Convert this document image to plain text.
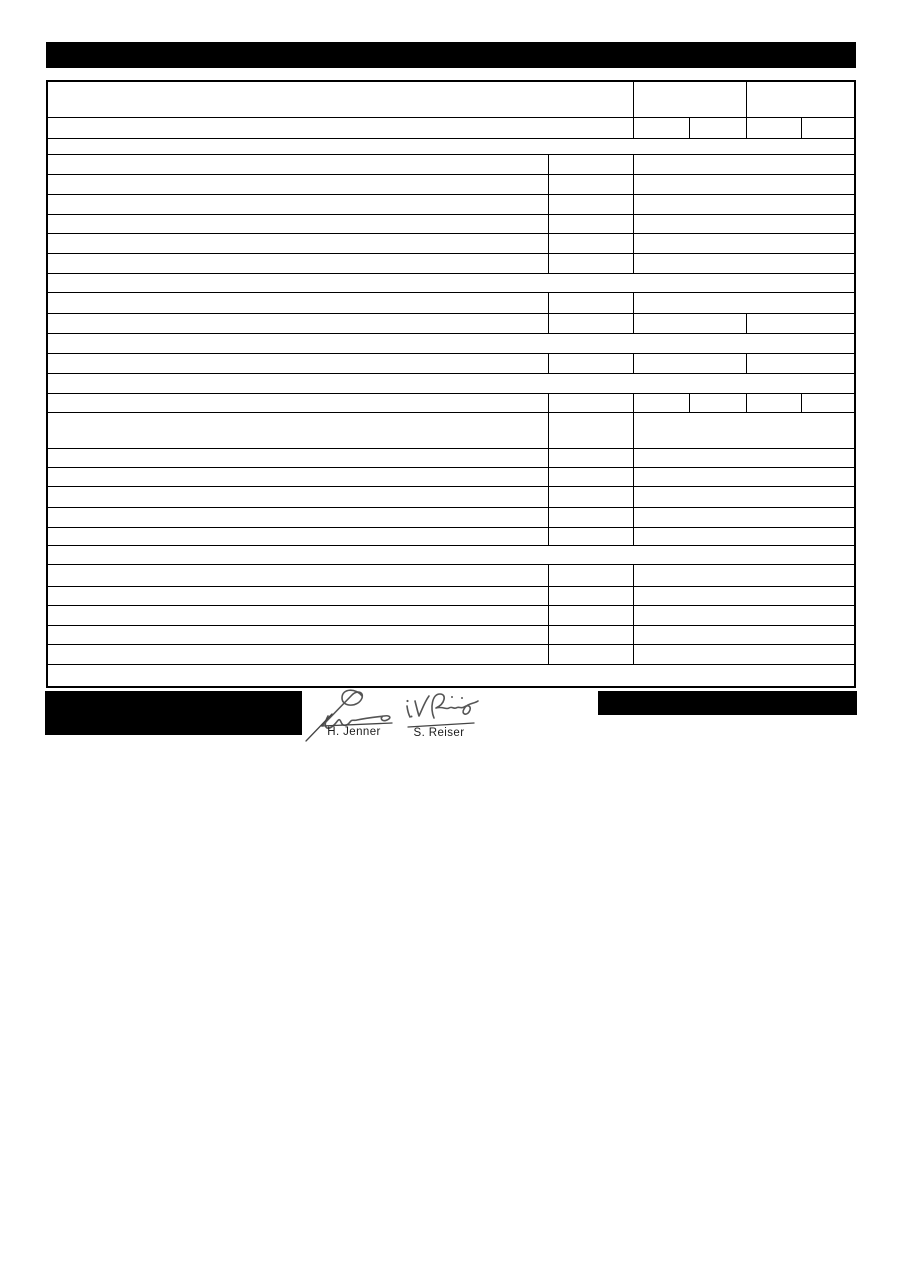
H. Jenner	S. Reiser
